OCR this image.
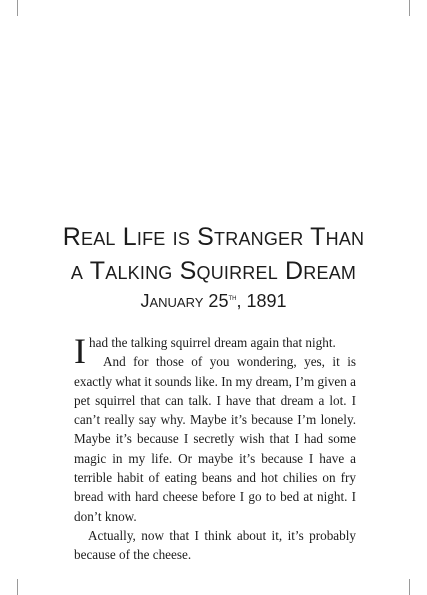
Real Life is Stranger Than
a Talking Squirrel Dream
January 25th, 1891

I had the talking squirrel dream again that night.

And for those of you wondering, yes, it is exactly what it sounds like. In my dream, I’m given a pet squirrel that can talk. I have that dream a lot. I can’t really say why. Maybe it’s because I’m lonely. Maybe it’s because I secretly wish that I had some magic in my life. Or maybe it’s because I have a terrible habit of eating beans and hot chilies on fry bread with hard cheese before I go to bed at night. I don’t know.

Actually, now that I think about it, it’s probably because of the cheese.
